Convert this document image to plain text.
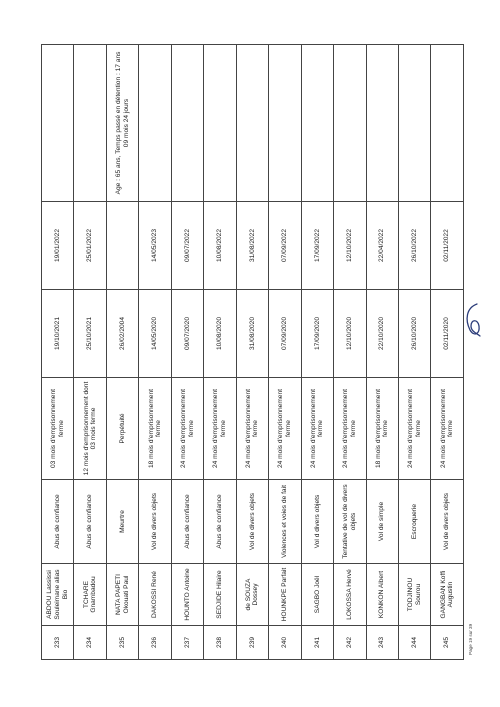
233	ABDOU Lassissi Souleimane alias Bio	Abus de confiance	03 mois d'emprisonnement ferme	19/10/2021	19/01/2022	
234	TCHARE Gnambadou	Abus de confiance	12 mois d'emprisonnement dont 03 mois ferme	25/10/2021	25/01/2022	
235	NATA PAPETI Okouati Paul	Meurtre	Perpétuité	26/02/2004		Age : 65 ans, Temps passé en détention : 17 ans 09 mois 24 jours
236	DAKOSSI René	Vol de divers objets	18 mois d'emprisonnement ferme	14/05/2020	14/05/2023	
237	HOUNTO Antoine	Abus de confiance	24 mois d'emprisonnement ferme	09/07/2020	09/07/2022	
238	SEDJIDE Hilaire	Abus de confiance	24 mois d'emprisonnement ferme	10/08/2020	10/08/2022	
239	de SOUZA Dossey	Vol de divers objets	24 mois d'emprisonnement ferme	31/08/2020	31/08/2022	
240	HOUNKPE Parfait	Violences et voies de fait	24 mois d'emprisonnement ferme	07/09/2020	07/09/2022	
241	SAGBO Joël	Vol d divers objets	24 mois d'emprisonnement ferme	17/09/2020	17/09/2022	
242	LOKOSSA Hervé	Tentative de vol de divers objets	24 mois d'emprisonnement ferme	12/10/2020	12/10/2022	
243	KONKON Albert	Vol de simple	18 mois d'emprisonnement ferme	22/10/2020	22/04/2022	
244	TODJINOU Sourou	Escroquerie	24 mois d'emprisonnement ferme	26/10/2020	26/10/2022	
245	GANGBAN Koffi Augustin	Vol de divers objets	24 mois d'emprisonnement ferme	02/11/2020	02/11/2022	
Page 19 sur 39
